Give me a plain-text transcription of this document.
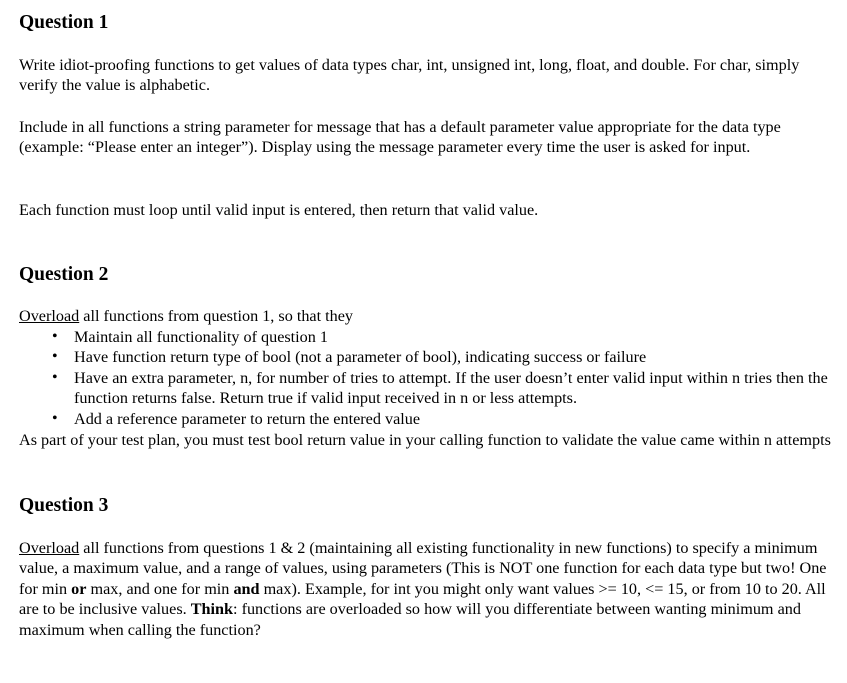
Question 1

Write idiot-proofing functions to get values of data types char, int, unsigned int, long, float, and double. For char, simply verify the value is alphabetic.

Include in all functions a string parameter for message that has a default parameter value appropriate for the data type (example: “Please enter an integer”). Display using the message parameter every time the user is asked for input.

Each function must loop until valid input is entered, then return that valid value.

Question 2

Overload all functions from question 1, so that they

• Maintain all functionality of question 1
• Have function return type of bool (not a parameter of bool), indicating success or failure
• Have an extra parameter, n, for number of tries to attempt. If the user doesn’t enter valid input within n tries then the function returns false. Return true if valid input received in n or less attempts.
• Add a reference parameter to return the entered value

As part of your test plan, you must test bool return value in your calling function to validate the value came within n attempts

Question 3

Overload all functions from questions 1 & 2 (maintaining all existing functionality in new functions) to specify a minimum value, a maximum value, and a range of values, using parameters (This is NOT one function for each data type but two! One for min or max, and one for min and max). Example, for int you might only want values >= 10, <= 15, or from 10 to 20. All are to be inclusive values. Think: functions are overloaded so how will you differentiate between wanting minimum and maximum when calling the function?
